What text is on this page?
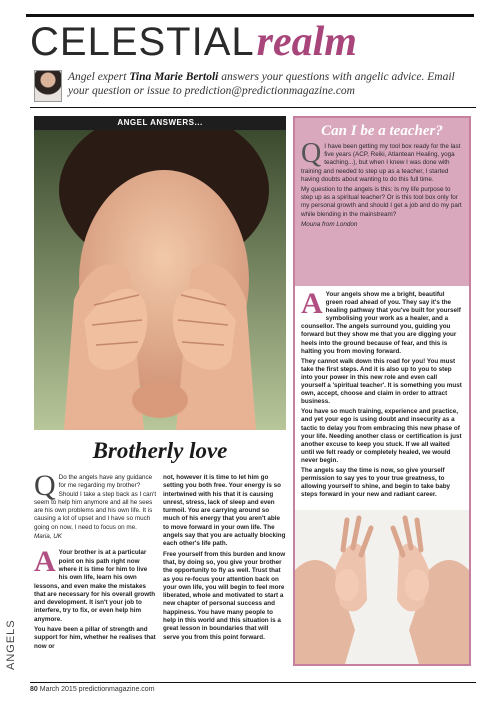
CELESTIALrealm
Angel expert Tina Marie Bertoli answers your questions with angelic advice. Email your question or issue to prediction@predictionmagazine.com
ANGEL ANSWERS...
Brotherly love
Q Do the angels have any guidance for me regarding my brother? Should I take a step back as I can't seem to help him anymore and all he sees are his own problems and his own life. It is causing a lot of upset and I have so much going on now, I need to focus on me.
Maria, UK

A Your brother is at a particular point on his path right now where it is time for him to live his own life, learn his own lessons, and even make the mistakes that are necessary for his overall growth and development. It isn't your job to interfere, try to fix, or even help him anymore.

You have been a pillar of strength and support for him, whether he realises that now or

not, however it is time to let him go setting you both free. Your energy is so intertwined with his that it is causing unrest, stress, lack of sleep and even turmoil. You are carrying around so much of his energy that you aren't able to move forward in your own life. The angels say that you are actually blocking each other's life path.

Free yourself from this burden and know that, by doing so, you give your brother the opportunity to fly as well. Trust that as you re-focus your attention back on your own life, you will begin to feel more liberated, whole and motivated to start a new chapter of personal success and happiness. You have many people to help in this world and this situation is a great lesson in boundaries that will serve you from this point forward.

Can I be a teacher?

Q I have been getting my tool box ready for the last five years (ACP, Reiki, Atlantean Healing, yoga teaching...), but when I knew I was done with training and needed to step up as a teacher, I started having doubts about wanting to do this full time.

My question to the angels is this: Is my life purpose to step up as a spiritual teacher? Or is this tool box only for my personal growth and should I get a job and do my part while blending in the mainstream?

Mouna from London

A Your angels show me a bright, beautiful green road ahead of you. They say it's the healing pathway that you've built for yourself symbolising your work as a healer, and a counsellor. The angels surround you, guiding you forward but they show me that you are digging your heels into the ground because of fear, and this is halting you from moving forward.

They cannot walk down this road for you! You must take the first steps. And it is also up to you to step into your power in this new role and even call yourself a 'spiritual teacher'. It is something you must own, accept, choose and claim in order to attract business.

You have so much training, experience and practice, and yet your ego is using doubt and insecurity as a tactic to delay you from embracing this new phase of your life. Needing another class or certification is just another excuse to keep you stuck. If we all waited until we felt ready or completely healed, we would never begin.

The angels say the time is now, so give yourself permission to say yes to your true greatness, to allowing yourself to shine, and begin to take baby steps forward in your new and radiant career.

ANGELS
80 March 2015 predictionmagazine.com
